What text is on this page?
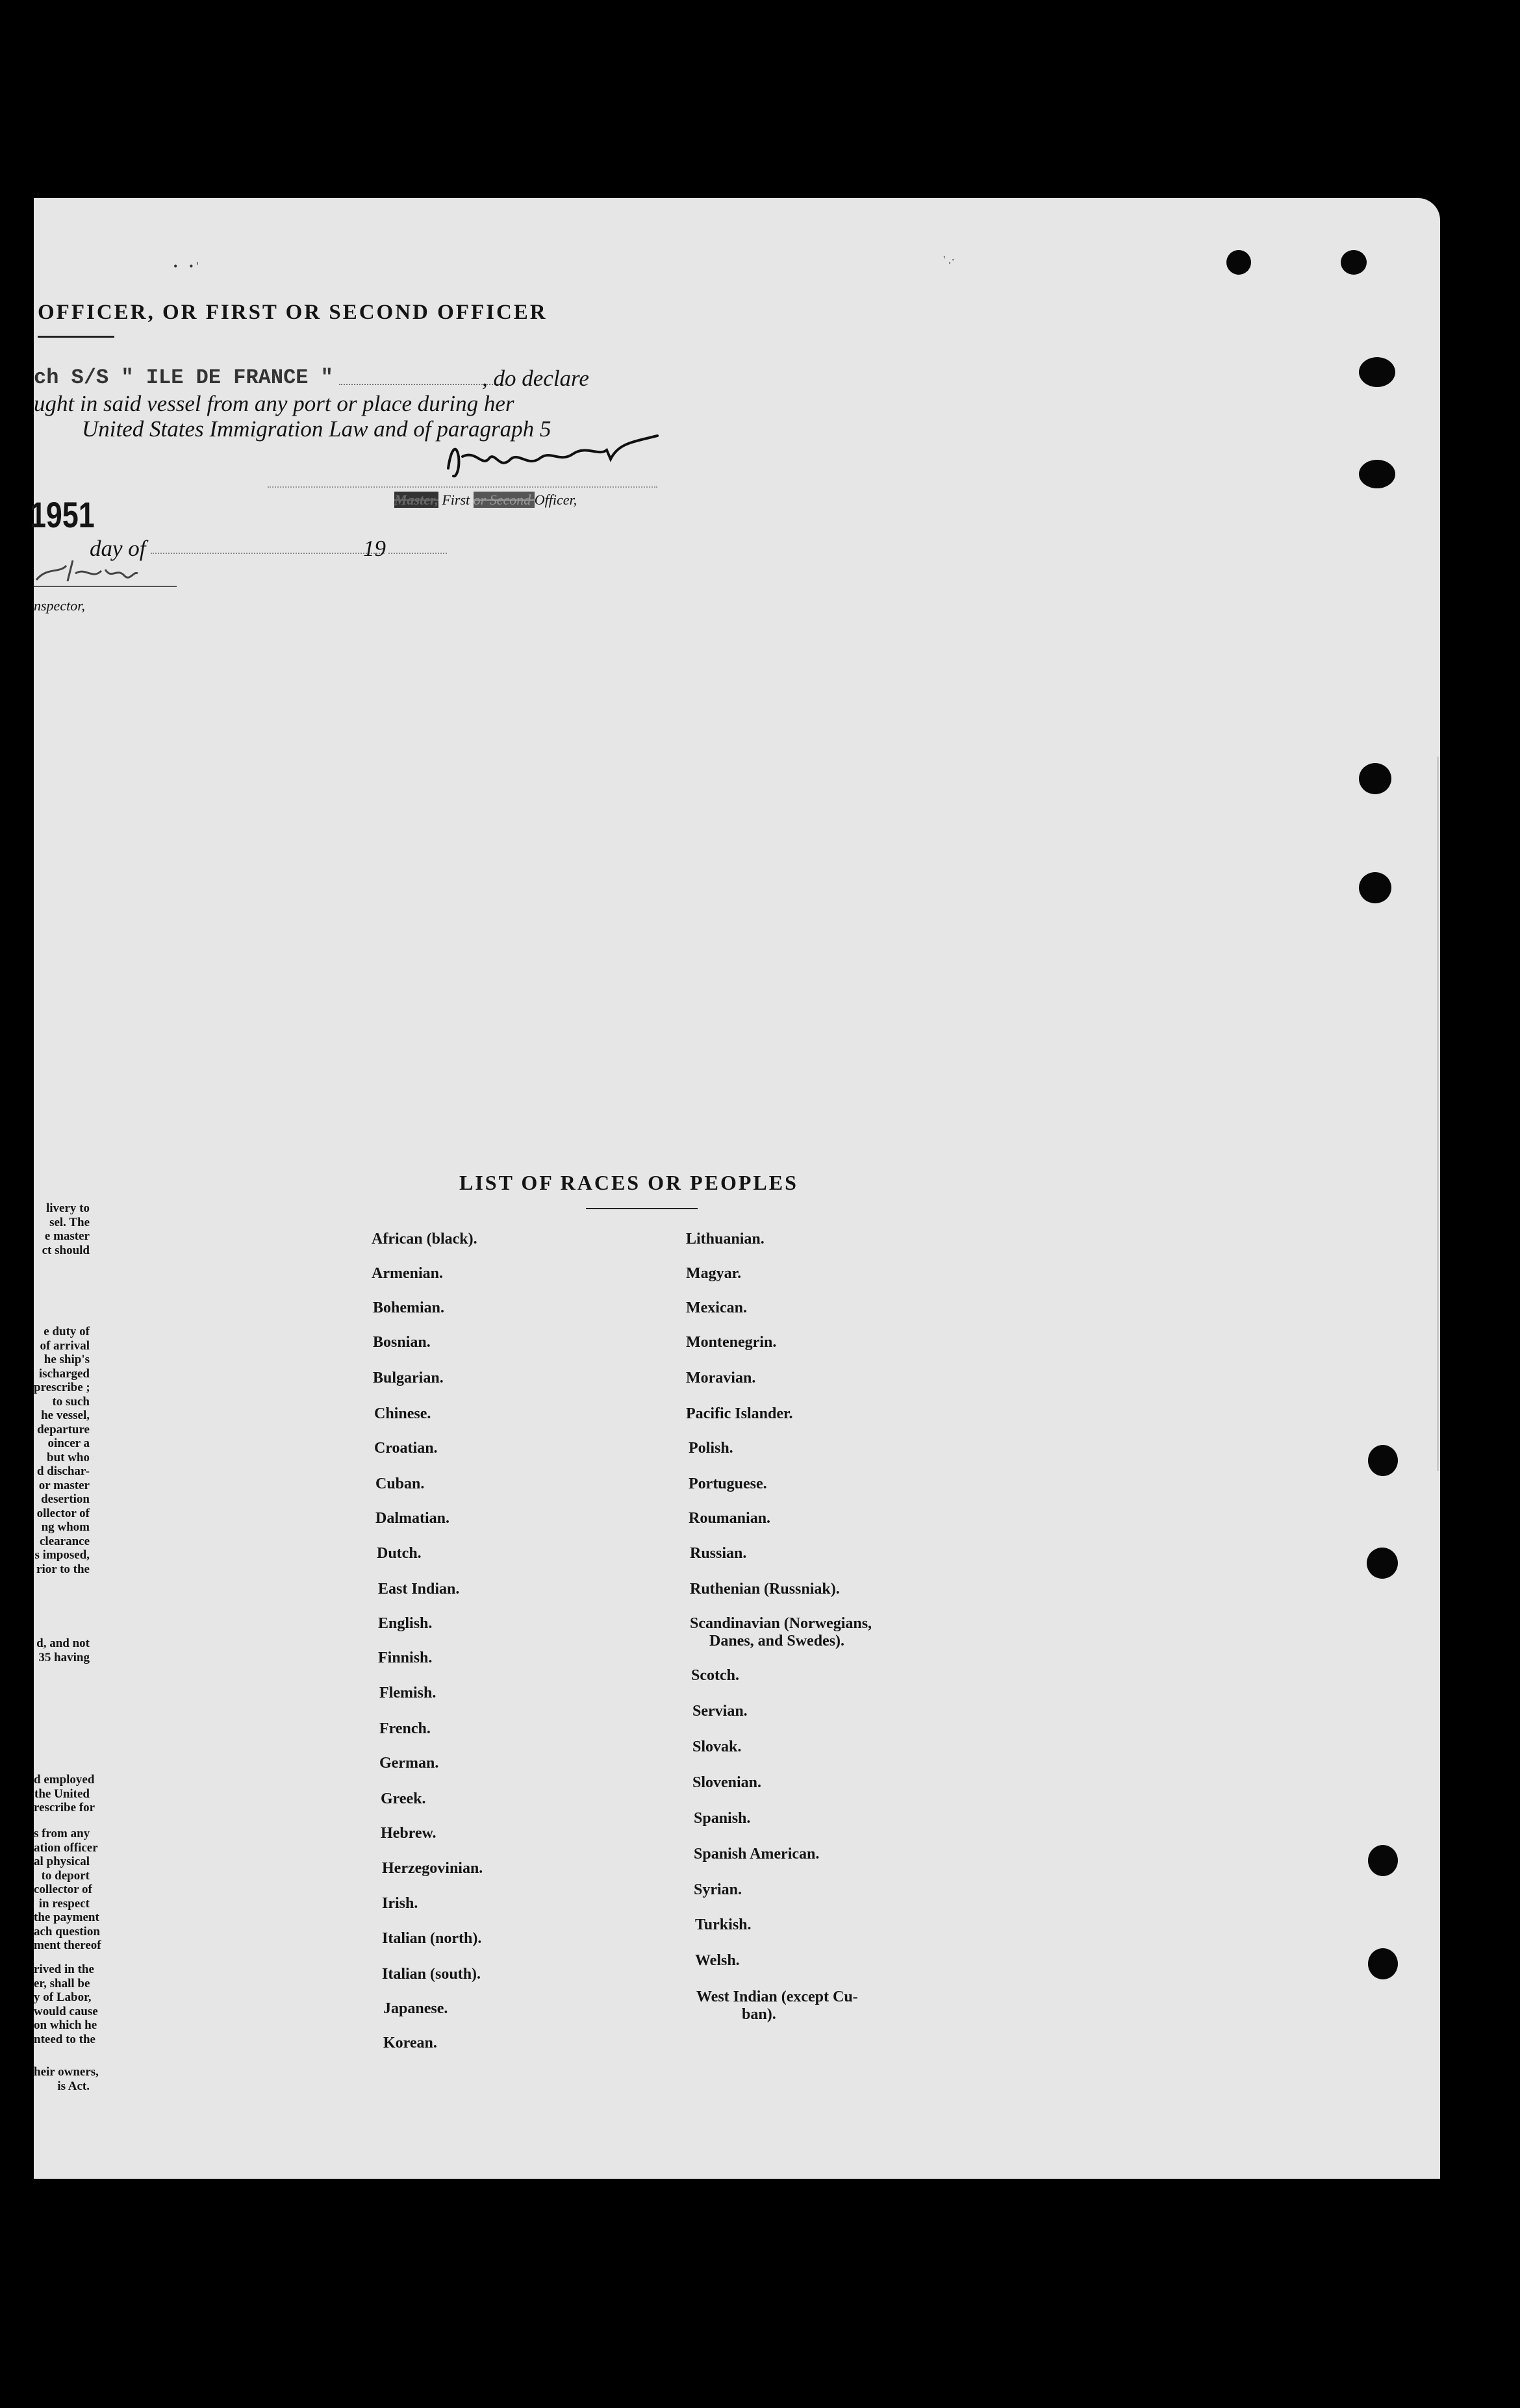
OFFICER, OR FIRST OR SECOND OFFICER
ch S/S " ILE DE FRANCE "	, do declare
ught in said vessel from any port or place during her
United States Immigration Law and of paragraph 5
Master, First or Second Officer,
1951
day of	19
nspector,
LIST OF RACES OR PEOPLES
•    • '	' .·
African (black).
Armenian.
Bohemian.
Bosnian.
Bulgarian.
Chinese.
Croatian.
Cuban.
Dalmatian.
Dutch.
East Indian.
English.
Finnish.
Flemish.
French.
German.
Greek.
Hebrew.
Herzegovinian.
Irish.
Italian (north).
Italian (south).
Japanese.
Korean.
Lithuanian.
Magyar.
Mexican.
Montenegrin.
Moravian.
Pacific Islander.
Polish.
Portuguese.
Roumanian.
Russian.
Ruthenian (Russniak).
Scandinavian (Norwegians,
Danes, and Swedes).
Scotch.
Servian.
Slovak.
Slovenian.
Spanish.
Spanish American.
Syrian.
Turkish.
Welsh.
West Indian (except Cu-
ban).
livery to
sel. The
e master
ct should
e duty of
of arrival
he ship's
ischarged
prescribe ;
to such
he vessel,
departure
oincer a
but who
d dischar-
or master
desertion
ollector of
ng whom
clearance
s imposed,
rior to the
d, and not
35 having
d employed
the United
rescribe for
s from any
ation officer
al physical
to deport
collector of
in respect
the payment
ach question
ment thereof
rived in the
er, shall be
y of Labor,
would cause
on which he
nteed to the
heir owners,
is Act.
